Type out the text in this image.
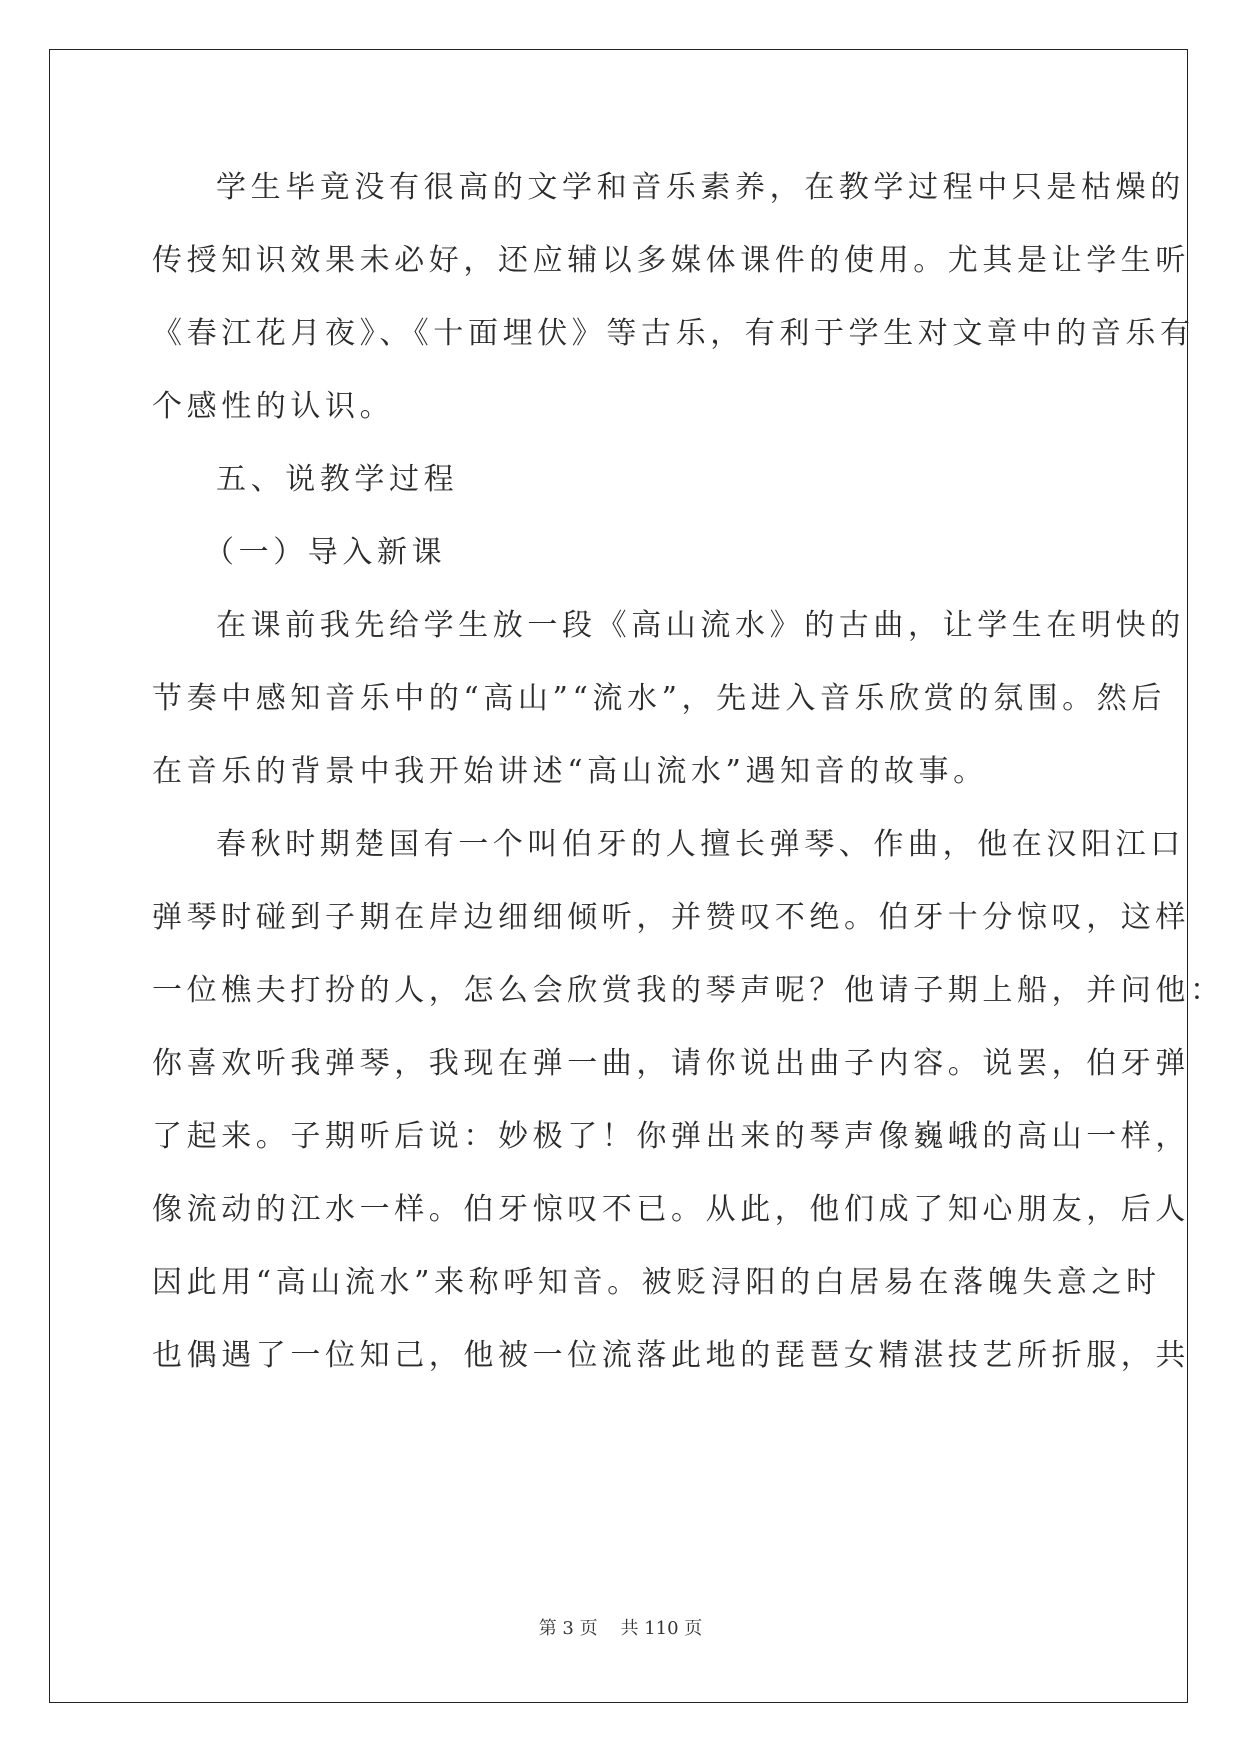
学生毕竟没有很高的文学和音乐素养，在教学过程中只是枯燥的
传授知识效果未必好，还应辅以多媒体课件的使用。尤其是让学生听
《春江花月夜》、《十面埋伏》等古乐，有利于学生对文章中的音乐有
个感性的认识。
五、说教学过程
（一）导入新课
在课前我先给学生放一段《高山流水》的古曲，让学生在明快的
节奏中感知音乐中的“高山”“流水”，先进入音乐欣赏的氛围。然后
在音乐的背景中我开始讲述“高山流水”遇知音的故事。
春秋时期楚国有一个叫伯牙的人擅长弹琴、作曲，他在汉阳江口
弹琴时碰到子期在岸边细细倾听，并赞叹不绝。伯牙十分惊叹，这样
一位樵夫打扮的人，怎么会欣赏我的琴声呢？他请子期上船，并问他：
你喜欢听我弹琴，我现在弹一曲，请你说出曲子内容。说罢，伯牙弹
了起来。子期听后说：妙极了！你弹出来的琴声像巍峨的高山一样，
像流动的江水一样。伯牙惊叹不已。从此，他们成了知心朋友，后人
因此用“高山流水”来称呼知音。被贬浔阳的白居易在落魄失意之时
也偶遇了一位知己，他被一位流落此地的琵琶女精湛技艺所折服，共
第 3 页    共 110 页
